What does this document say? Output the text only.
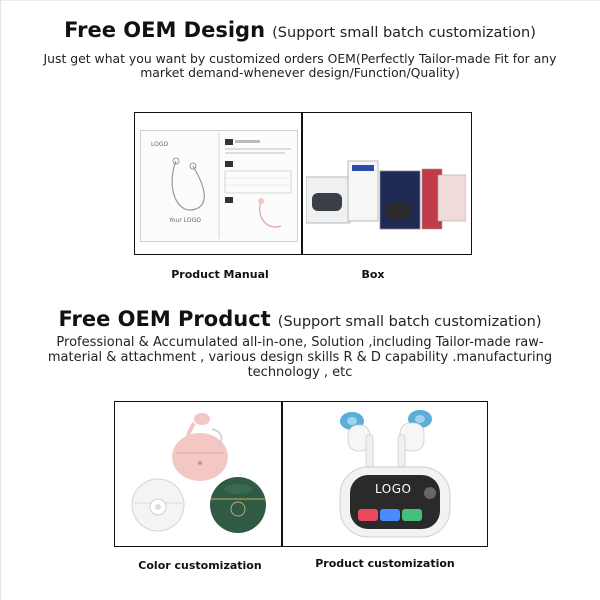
Free OEM Design (Support small batch customization)
Just get what you want by customized orders OEM(Perfectly Tailor-made Fit for any market demand-whenever design/Function/Quality)
LOGO
Your LOGO
Product Manual	Box
Free OEM Product (Support small batch customization)
Professional & Accumulated all-in-one, Solution ,including Tailor-made raw-material & attachment , various design skills R & D capability .manufacturing technology , etc
LOGO
Color customization	Product customization
